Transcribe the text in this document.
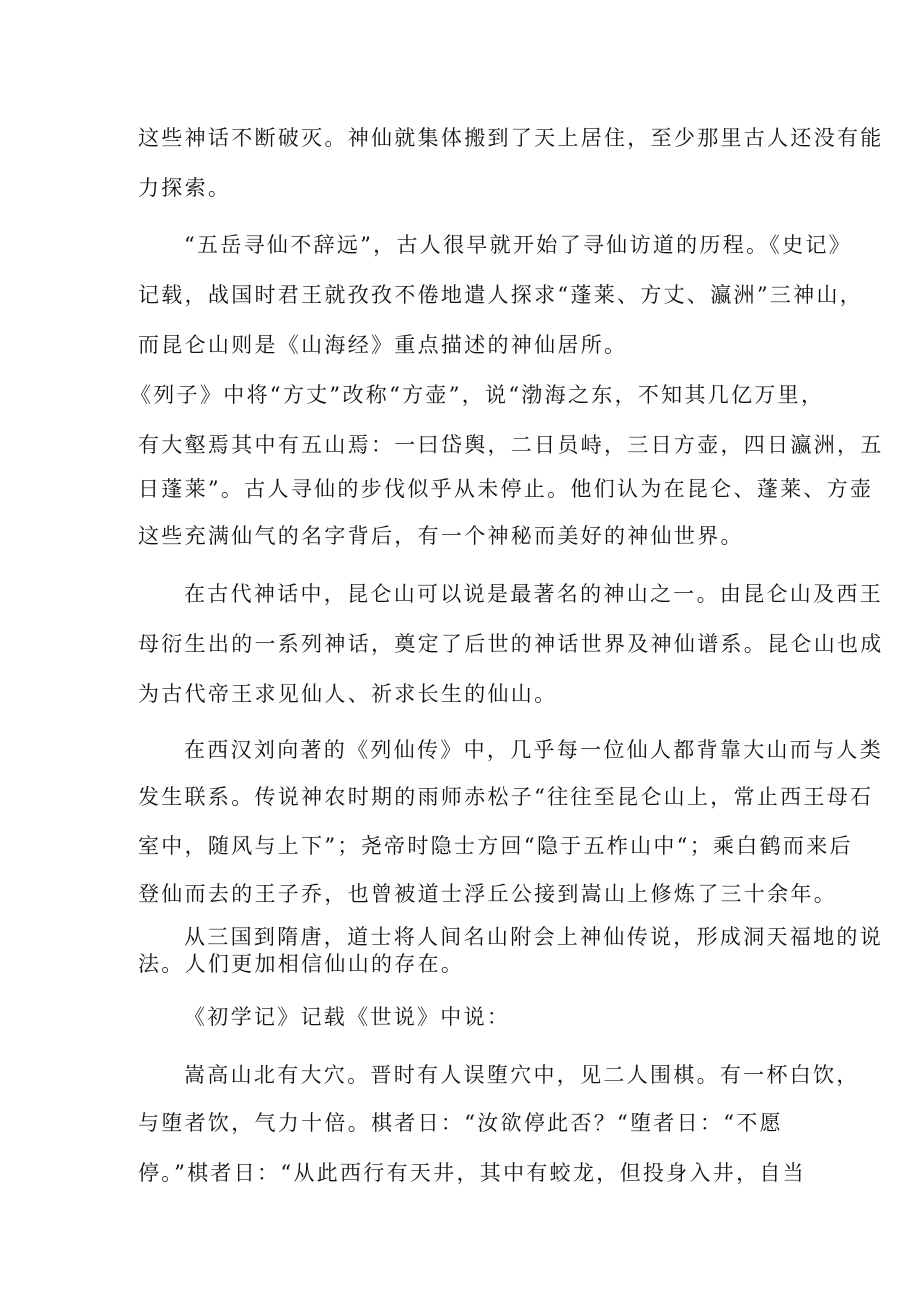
这些神话不断破灭。神仙就集体搬到了天上居住，至少那里古人还没有能

力探索。

“五岳寻仙不辞远”，古人很早就开始了寻仙访道的历程。《史记》

记载，战国时君王就孜孜不倦地遣人探求“蓬莱、方丈、瀛洲”三神山，

而昆仑山则是《山海经》重点描述的神仙居所。

《列子》中将“方丈”改称“方壶”，说“渤海之东，不知其几亿万里，

有大壑焉其中有五山焉：一曰岱舆，二日员峙，三日方壶，四日瀛洲，五

日蓬莱”。古人寻仙的步伐似乎从未停止。他们认为在昆仑、蓬莱、方壶

这些充满仙气的名字背后，有一个神秘而美好的神仙世界。

在古代神话中，昆仑山可以说是最著名的神山之一。由昆仑山及西王

母衍生出的一系列神话，奠定了后世的神话世界及神仙谱系。昆仑山也成

为古代帝王求见仙人、祈求长生的仙山。

在西汉刘向著的《列仙传》中，几乎每一位仙人都背靠大山而与人类

发生联系。传说神农时期的雨师赤松子“往往至昆仑山上，常止西王母石

室中，随风与上下”；尧帝时隐士方回“隐于五柞山中“；乘白鹤而来后

登仙而去的王子乔，也曾被道士浮丘公接到嵩山上修炼了三十余年。

从三国到隋唐，道士将人间名山附会上神仙传说，形成洞天福地的说

法。人们更加相信仙山的存在。

《初学记》记载《世说》中说：

嵩高山北有大穴。晋时有人误堕穴中，见二人围棋。有一杯白饮，

与堕者饮，气力十倍。棋者日：“汝欲停此否？“堕者日：“不愿

停。”棋者日：“从此西行有天井，其中有蛟龙，但投身入井，自当
